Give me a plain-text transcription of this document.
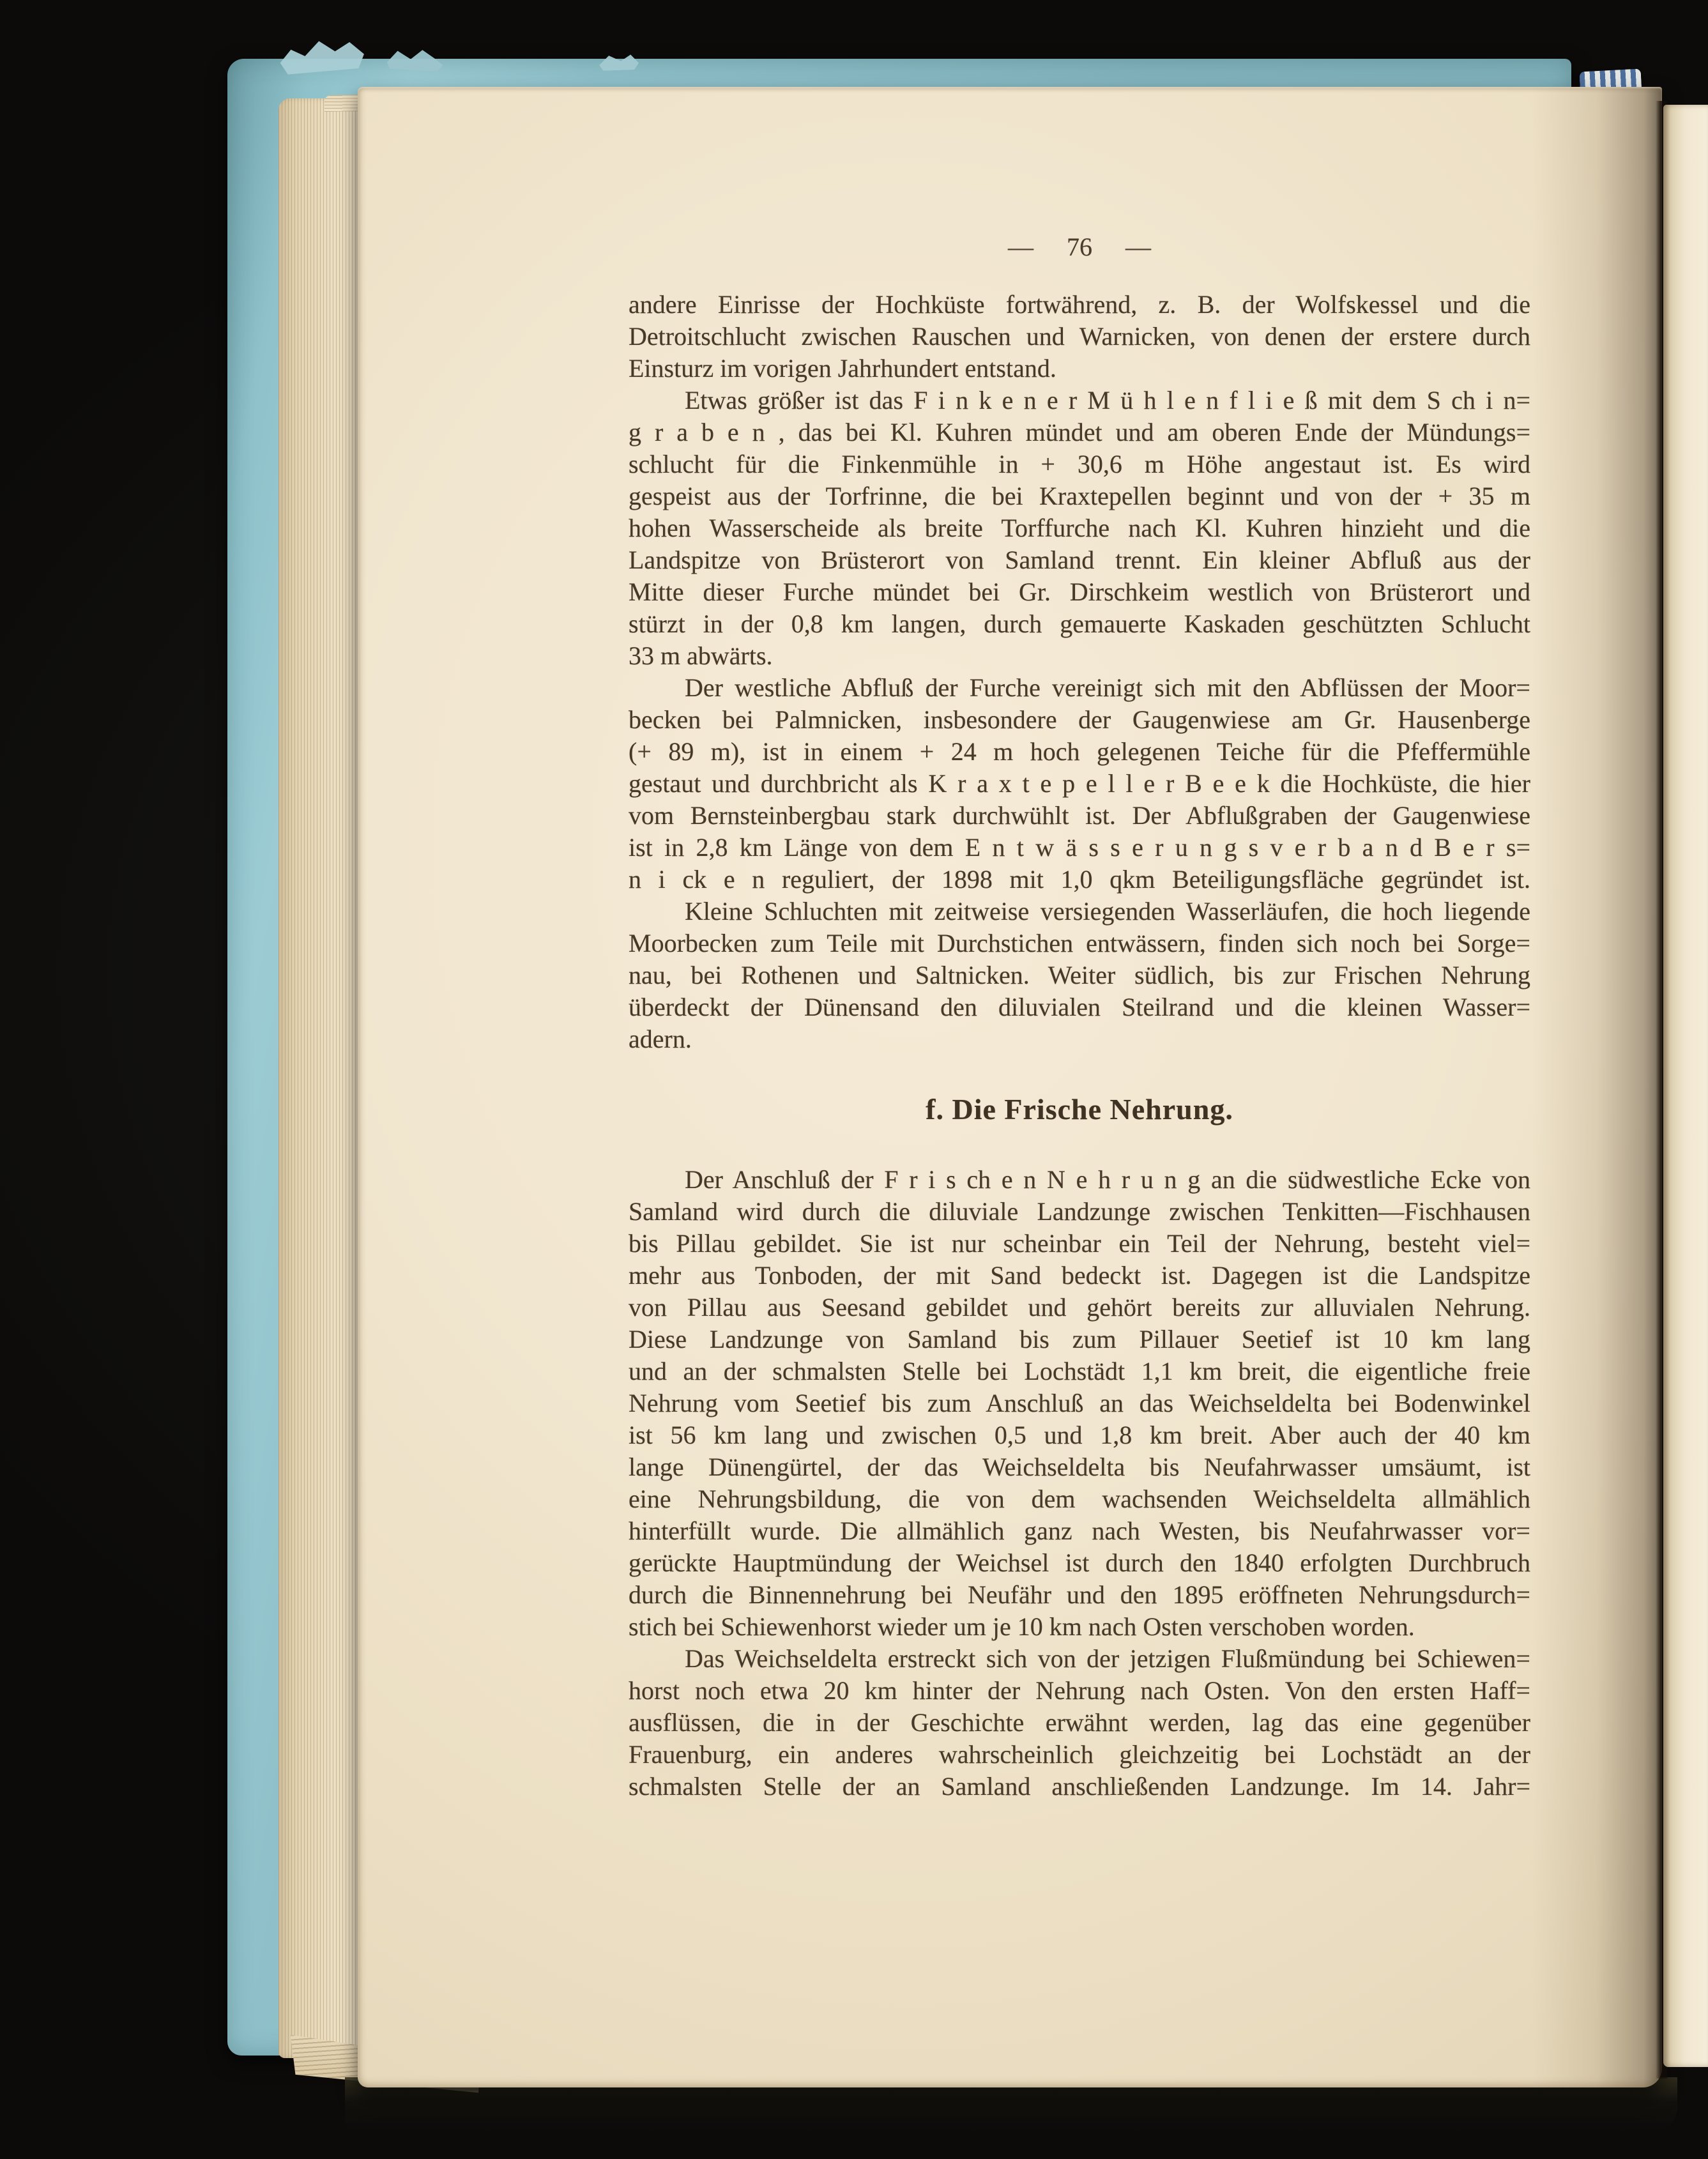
— 76 —
andere Einrisse der Hochküste fortwährend, z. B. der Wolfskessel und die
Detroitschlucht zwischen Rauschen und Warnicken, von denen der erstere durch
Einsturz im vorigen Jahrhundert entstand.
Etwas größer ist das F i n k e n e r M ü h l e n f l i e ß mit dem S ch i n=
g r a b e n , das bei Kl. Kuhren mündet und am oberen Ende der Mündungs=
schlucht für die Finkenmühle in + 30,6 m Höhe angestaut ist. Es wird
gespeist aus der Torfrinne, die bei Kraxtepellen beginnt und von der + 35 m
hohen Wasserscheide als breite Torffurche nach Kl. Kuhren hinzieht und die
Landspitze von Brüsterort von Samland trennt. Ein kleiner Abfluß aus der
Mitte dieser Furche mündet bei Gr. Dirschkeim westlich von Brüsterort und
stürzt in der 0,8 km langen, durch gemauerte Kaskaden geschützten Schlucht
33 m abwärts.
Der westliche Abfluß der Furche vereinigt sich mit den Abflüssen der Moor=
becken bei Palmnicken, insbesondere der Gaugenwiese am Gr. Hausenberge
(+ 89 m), ist in einem + 24 m hoch gelegenen Teiche für die Pfeffermühle
gestaut und durchbricht als K r a x t e p e l l e r B e e k die Hochküste, die hier
vom Bernsteinbergbau stark durchwühlt ist. Der Abflußgraben der Gaugenwiese
ist in 2,8 km Länge von dem E n t w ä s s e r u n g s v e r b a n d B e r s=
n i ck e n reguliert, der 1898 mit 1,0 qkm Beteiligungsfläche gegründet ist.
Kleine Schluchten mit zeitweise versiegenden Wasserläufen, die hoch liegende
Moorbecken zum Teile mit Durchstichen entwässern, finden sich noch bei Sorge=
nau, bei Rothenen und Saltnicken. Weiter südlich, bis zur Frischen Nehrung
überdeckt der Dünensand den diluvialen Steilrand und die kleinen Wasser=
adern.
f. Die Frische Nehrung.
Der Anschluß der F r i s ch e n N e h r u n g an die südwestliche Ecke von
Samland wird durch die diluviale Landzunge zwischen Tenkitten—Fischhausen
bis Pillau gebildet. Sie ist nur scheinbar ein Teil der Nehrung, besteht viel=
mehr aus Tonboden, der mit Sand bedeckt ist. Dagegen ist die Landspitze
von Pillau aus Seesand gebildet und gehört bereits zur alluvialen Nehrung.
Diese Landzunge von Samland bis zum Pillauer Seetief ist 10 km lang
und an der schmalsten Stelle bei Lochstädt 1,1 km breit, die eigentliche freie
Nehrung vom Seetief bis zum Anschluß an das Weichseldelta bei Bodenwinkel
ist 56 km lang und zwischen 0,5 und 1,8 km breit. Aber auch der 40 km
lange Dünengürtel, der das Weichseldelta bis Neufahrwasser umsäumt, ist
eine Nehrungsbildung, die von dem wachsenden Weichseldelta allmählich
hinterfüllt wurde. Die allmählich ganz nach Westen, bis Neufahrwasser vor=
gerückte Hauptmündung der Weichsel ist durch den 1840 erfolgten Durchbruch
durch die Binnennehrung bei Neufähr und den 1895 eröffneten Nehrungsdurch=
stich bei Schiewenhorst wieder um je 10 km nach Osten verschoben worden.
Das Weichseldelta erstreckt sich von der jetzigen Flußmündung bei Schiewen=
horst noch etwa 20 km hinter der Nehrung nach Osten. Von den ersten Haff=
ausflüssen, die in der Geschichte erwähnt werden, lag das eine gegenüber
Frauenburg, ein anderes wahrscheinlich gleichzeitig bei Lochstädt an der
schmalsten Stelle der an Samland anschließenden Landzunge. Im 14. Jahr=
